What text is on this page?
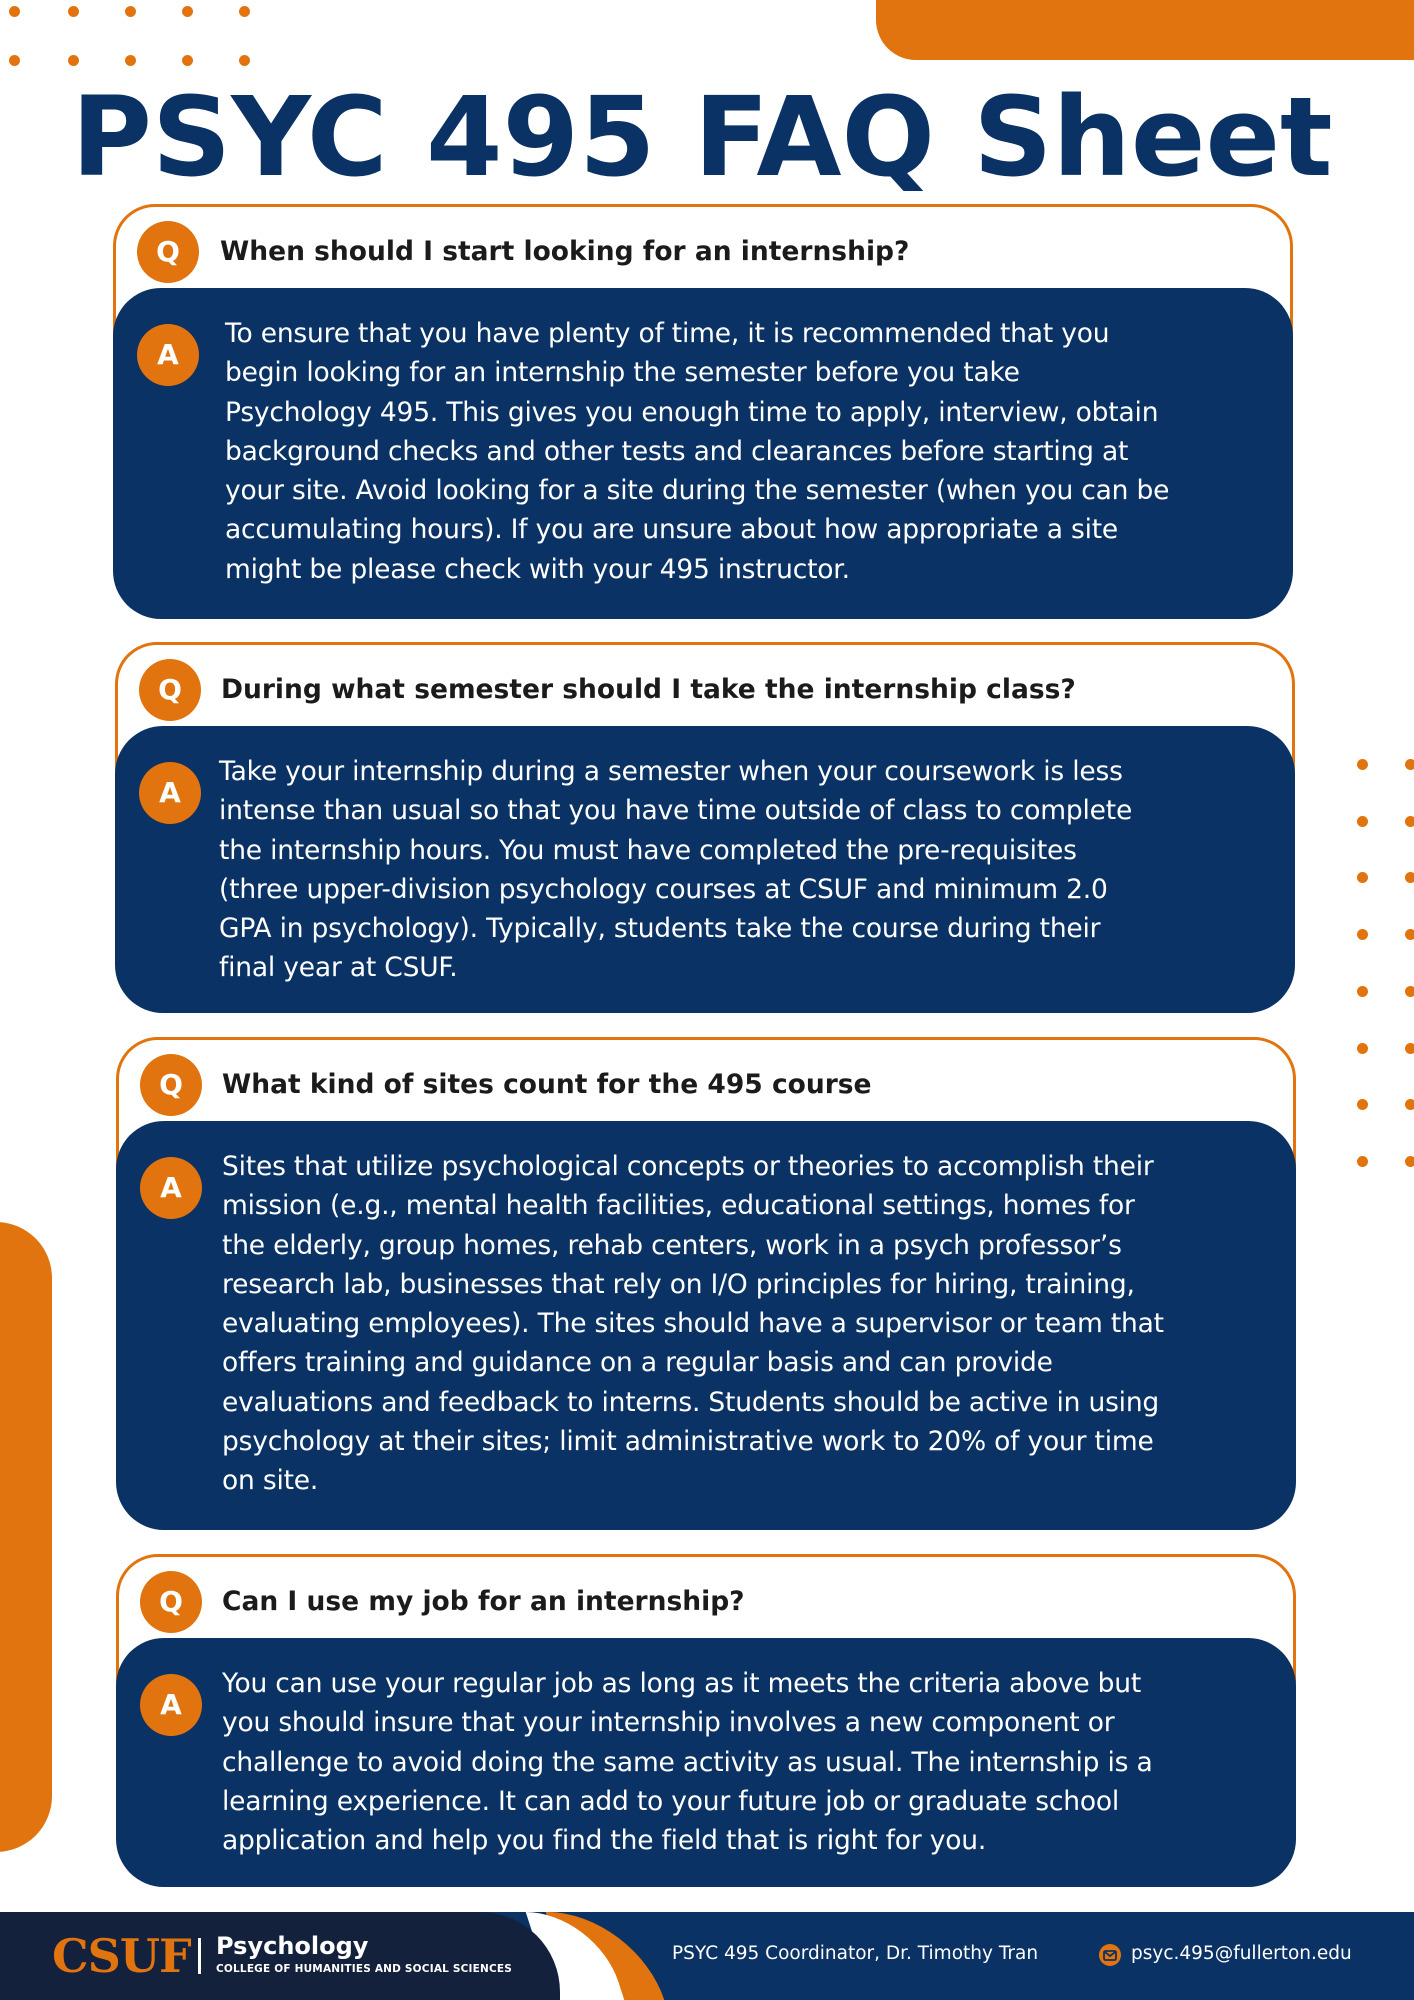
PSYC 495 FAQ Sheet
Q	When should I start looking for an internship?
A
To ensure that you have plenty of time, it is recommended that you
begin looking for an internship the semester before you take
Psychology 495. This gives you enough time to apply, interview, obtain
background checks and other tests and clearances before starting at
your site. Avoid looking for a site during the semester (when you can be
accumulating hours). If you are unsure about how appropriate a site
might be please check with your 495 instructor.
Q	During what semester should I take the internship class?
A
Take your internship during a semester when your coursework is less
intense than usual so that you have time outside of class to complete
the internship hours. You must have completed the pre-requisites
(three upper-division psychology courses at CSUF and minimum 2.0
GPA in psychology). Typically, students take the course during their
final year at CSUF.
Q	What kind of sites count for the 495 course
A
Sites that utilize psychological concepts or theories to accomplish their
mission (e.g., mental health facilities, educational settings, homes for
the elderly, group homes, rehab centers, work in a psych professor’s
research lab, businesses that rely on I/O principles for hiring, training,
evaluating employees). The sites should have a supervisor or team that
offers training and guidance on a regular basis and can provide
evaluations and feedback to interns. Students should be active in using
psychology at their sites; limit administrative work to 20% of your time
on site.
Q	Can I use my job for an internship?
A
You can use your regular job as long as it meets the criteria above but
you should insure that your internship involves a new component or
challenge to avoid doing the same activity as usual. The internship is a
learning experience. It can add to your future job or graduate school
application and help you find the field that is right for you.
CSUF Psychology
COLLEGE OF HUMANITIES AND SOCIAL SCIENCES
PSYC 495 Coordinator, Dr. Timothy Tran	psyc.495@fullerton.edu
